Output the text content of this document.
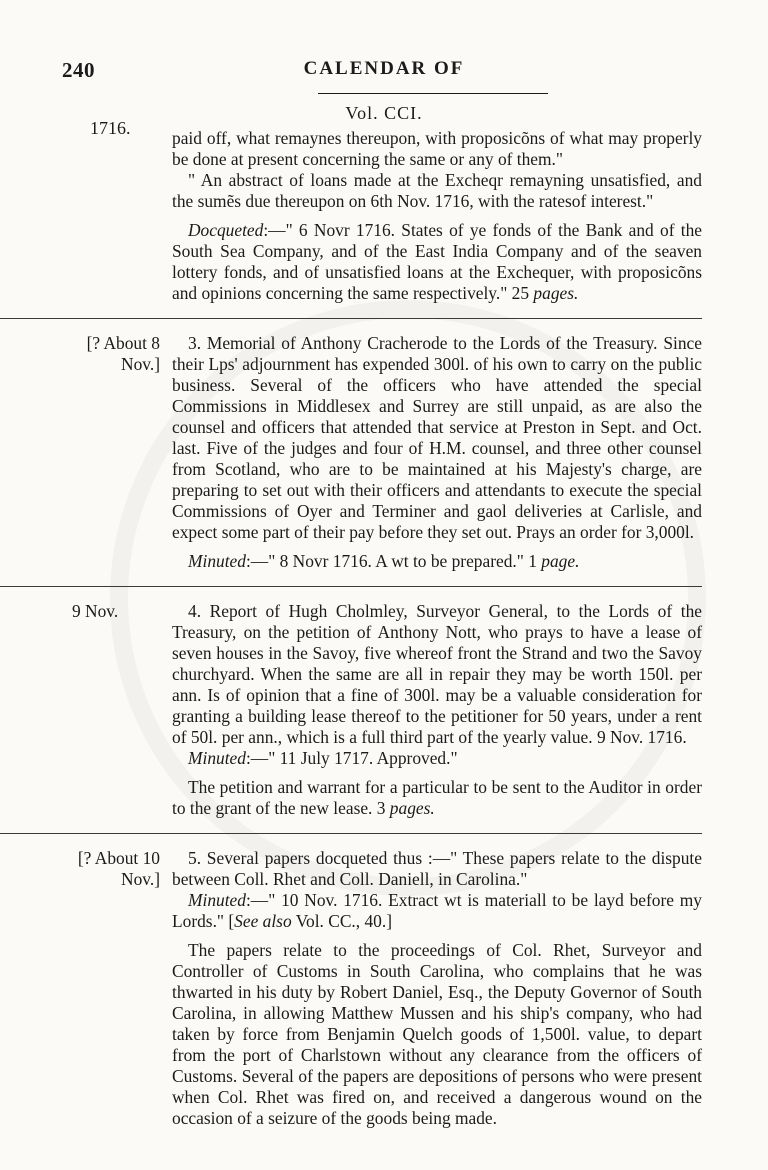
240	CALENDAR OF
Vol. CCI.
1716. paid off, what remaynes thereupon, with proposicõns of what may properly be done at present concerning the same or any of them."

" An abstract of loans made at the Excheqr remayning unsatisfied, and the sumẽs due thereupon on 6th Nov. 1716, with the ratesof interest."

Docqueted:—" 6 Novr 1716. States of ye fonds of the Bank and of the South Sea Company, and of the East India Company and of the seaven lottery fonds, and of unsatisfied loans at the Exchequer, with proposicõns and opinions concerning the same respectively." 25 pages.

[? About 8 Nov.]

3. Memorial of Anthony Cracherode to the Lords of the Treasury. Since their Lps' adjournment has expended 300l. of his own to carry on the public business. Several of the officers who have attended the special Commissions in Middlesex and Surrey are still unpaid, as are also the counsel and officers that attended that service at Preston in Sept. and Oct. last. Five of the judges and four of H.M. counsel, and three other counsel from Scotland, who are to be maintained at his Majesty's charge, are preparing to set out with their officers and attendants to execute the special Commissions of Oyer and Terminer and gaol deliveries at Carlisle, and expect some part of their pay before they set out. Prays an order for 3,000l.

Minuted:—" 8 Novr 1716. A wt to be prepared." 1 page.

9 Nov.	4. Report of Hugh Cholmley, Surveyor General, to the Lords of the Treasury, on the petition of Anthony Nott, who prays to have a lease of seven houses in the Savoy, five whereof front the Strand and two the Savoy churchyard. When the same are all in repair they may be worth 150l. per ann. Is of opinion that a fine of 300l. may be a valuable consideration for granting a building lease thereof to the petitioner for 50 years, under a rent of 50l. per ann., which is a full third part of the yearly value. 9 Nov. 1716.

Minuted:—" 11 July 1717. Approved."

The petition and warrant for a particular to be sent to the Auditor in order to the grant of the new lease. 3 pages.

[? About 10 Nov.]

5. Several papers docqueted thus :—" These papers relate to the dispute between Coll. Rhet and Coll. Daniell, in Carolina."

Minuted:—" 10 Nov. 1716. Extract wt is materiall to be layd before my Lords." [See also Vol. CC., 40.]

The papers relate to the proceedings of Col. Rhet, Surveyor and Controller of Customs in South Carolina, who complains that he was thwarted in his duty by Robert Daniel, Esq., the Deputy Governor of South Carolina, in allowing Matthew Mussen and his ship's company, who had taken by force from Benjamin Quelch goods of 1,500l. value, to depart from the port of Charlstown without any clearance from the officers of Customs. Several of the papers are depositions of persons who were present when Col. Rhet was fired on, and received a dangerous wound on the occasion of a seizure of the goods being made.
